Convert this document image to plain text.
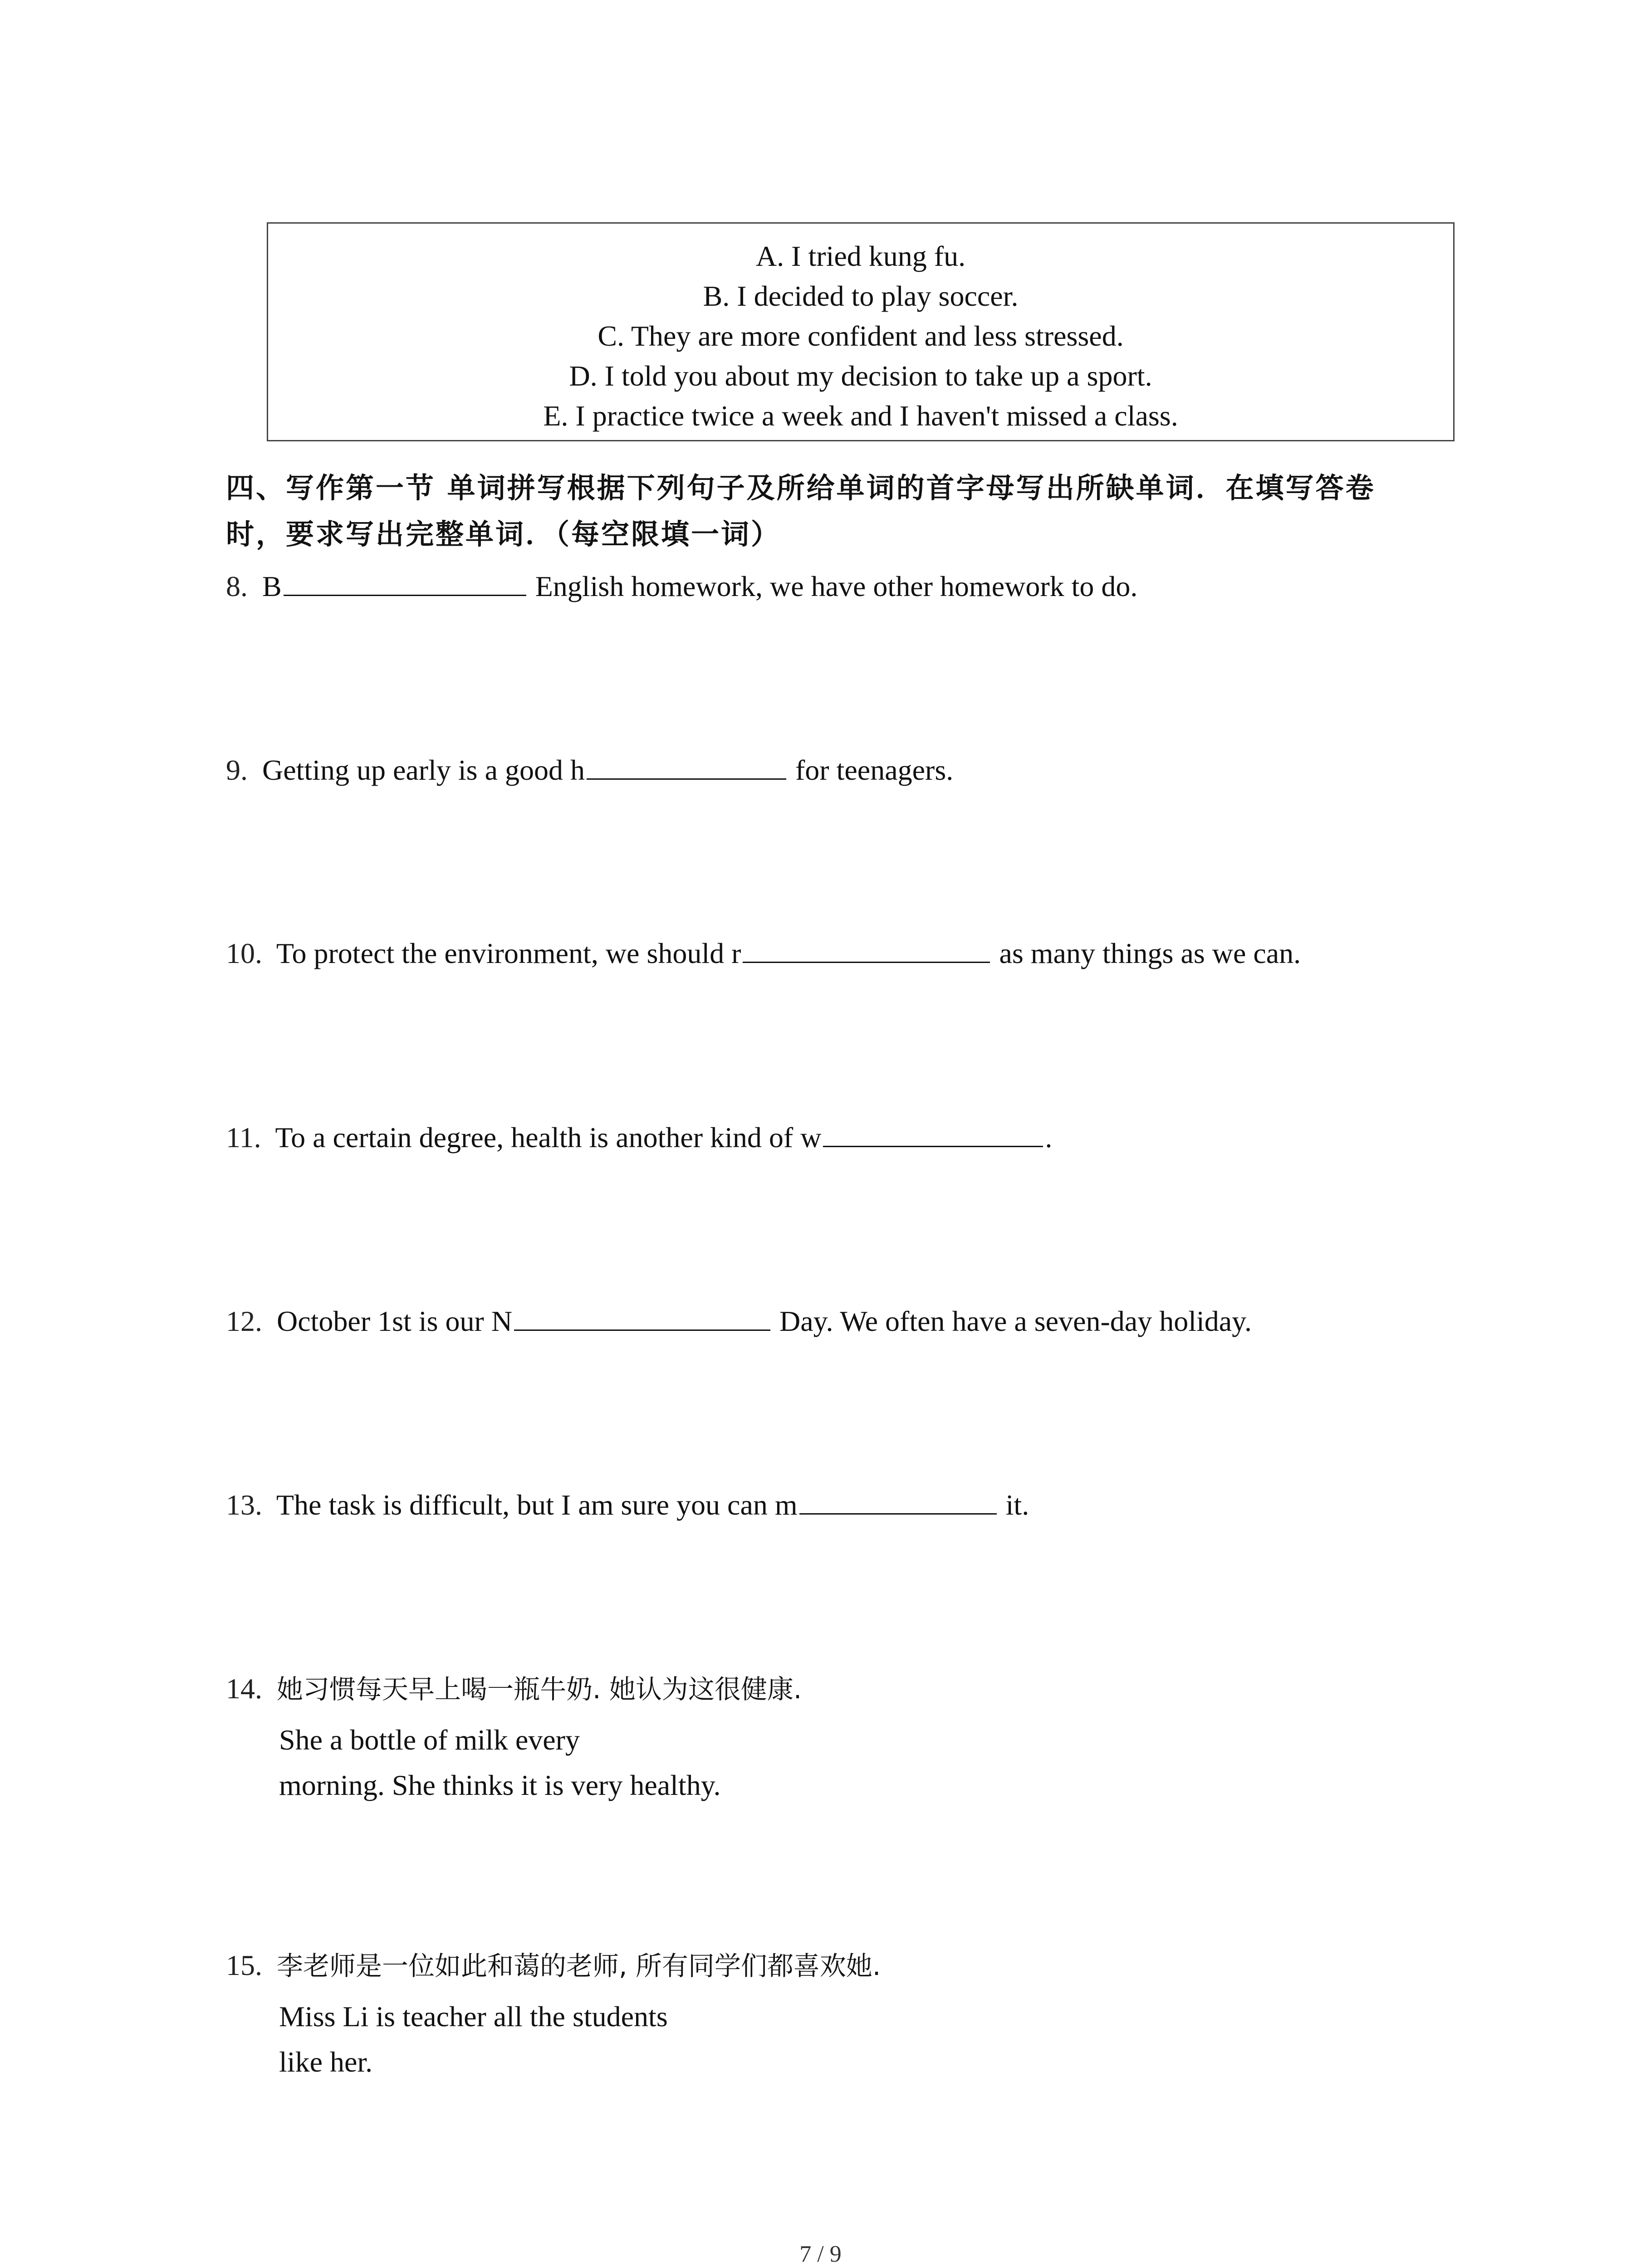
A. I tried kung fu.
B. I decided to play soccer.
C. They are more confident and less stressed.
D. I told you about my decision to take up a sport.
E. I practice twice a week and I haven't missed a class.
四、写作第一节 单词拼写根据下列句子及所给单词的首字母写出所缺单词．在填写答卷
时，要求写出完整单词．（每空限填一词）
8. B	English homework, we have other homework to do.
9. Getting up early is a good h	for teenagers.
10. To protect the environment, we should r	as many things as we can.
11. To a certain degree, health is another kind of w	.
12. October 1st is our N	Day. We often have a seven-day holiday.
13. The task is difficult, but I am sure you can m	it.
14. 她习惯每天早上喝一瓶牛奶. 她认为这很健康.
She a bottle of milk every
morning. She thinks it is very healthy.
15. 李老师是一位如此和蔼的老师, 所有同学们都喜欢她.
Miss Li is teacher all the students
like her.
7 / 9
